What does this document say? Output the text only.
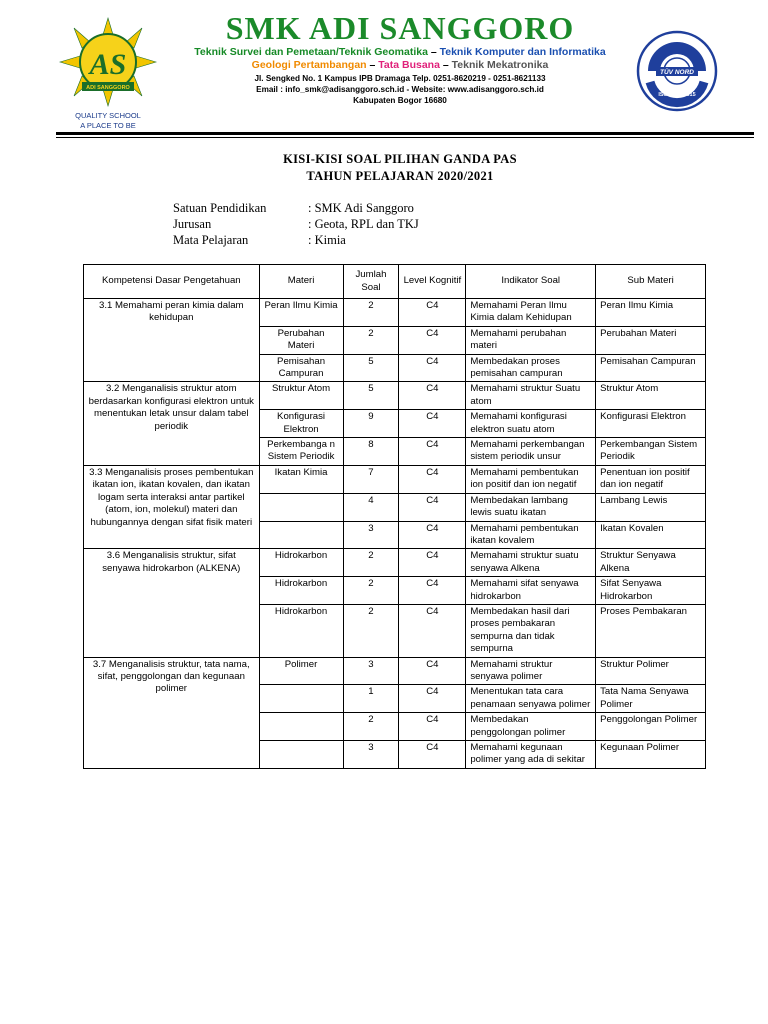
AS
ADI SANGGORO
QUALITY SCHOOL
A PLACE TO BE
SMK ADI SANGGORO
Teknik Survei dan Pemetaan/Teknik Geomatika – Teknik Komputer dan Informatika
Geologi Pertambangan – Tata Busana – Teknik Mekatronika
Jl. Sengked No. 1 Kampus IPB Dramaga Telp. 0251-8620219 - 0251-8621133
Email : info_smk@adisanggoro.sch.id - Website: www.adisanggoro.sch.id
Kabupaten Bogor 16680
TÜV NORD
ISO 9001:2015
KISI-KISI SOAL PILIHAN GANDA PAS
TAHUN PELAJARAN 2020/2021
Satuan Pendidikan	: SMK Adi Sanggoro
Jurusan	: Geota, RPL dan TKJ
Mata Pelajaran	: Kimia
Kompetensi Dasar Pengetahuan	Materi	Jumlah Soal	Level Kognitif	Indikator Soal	Sub Materi
3.1 Memahami peran kimia dalam kehidupan	Peran Ilmu Kimia	2	C4	Memahami Peran Ilmu Kimia dalam Kehidupan	Peran Ilmu Kimia
	Perubahan Materi	2	C4	Memahami perubahan materi	Perubahan Materi
	Pemisahan Campuran	5	C4	Membedakan proses pemisahan campuran	Pemisahan Campuran
3.2 Menganalisis struktur atom berdasarkan konfigurasi elektron untuk menentukan letak unsur dalam tabel periodik	Struktur Atom	5	C4	Memahami struktur Suatu atom	Struktur Atom
	Konfigurasi Elektron	9	C4	Memahami konfigurasi elektron suatu atom	Konfigurasi Elektron
	Perkembanga n Sistem Periodik	8	C4	Memahami perkembangan sistem periodik unsur	Perkembangan Sistem Periodik
3.3 Menganalisis proses pembentukan ikatan ion, ikatan kovalen, dan ikatan logam serta interaksi antar partikel (atom, ion, molekul) materi dan hubungannya dengan sifat fisik materi	Ikatan Kimia	7	C4	Memahami pembentukan ion positif dan ion negatif	Penentuan ion positif dan ion negatif
		4	C4	Membedakan lambang lewis suatu ikatan	Lambang Lewis
		3	C4	Memahami pembentukan ikatan kovalem	Ikatan Kovalen
3.6 Menganalisis struktur, sifat senyawa hidrokarbon (ALKENA)	Hidrokarbon	2	C4	Memahami struktur suatu senyawa Alkena	Struktur Senyawa Alkena
	Hidrokarbon	2	C4	Memahami sifat senyawa hidrokarbon	Sifat Senyawa Hidrokarbon
	Hidrokarbon	2	C4	Membedakan hasil dari proses pembakaran sempurna dan tidak sempurna	Proses Pembakaran
3.7 Menganalisis struktur, tata nama, sifat, penggolongan dan kegunaan polimer	Polimer	3	C4	Memahami struktur senyawa polimer	Struktur Polimer
		1	C4	Menentukan tata cara penamaan senyawa polimer	Tata Nama Senyawa Polimer
		2	C4	Membedakan penggolongan polimer	Penggolongan Polimer
		3	C4	Memahami kegunaan polimer yang ada di sekitar	Kegunaan Polimer
